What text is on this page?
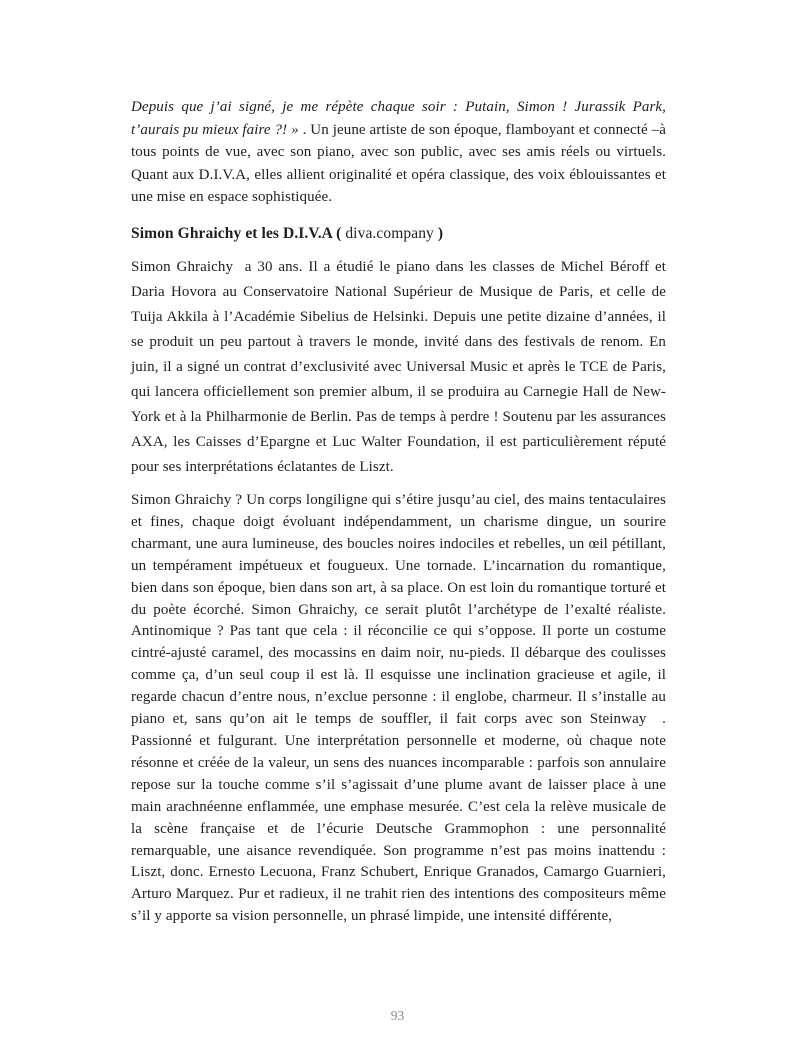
Depuis que j’ai signé, je me répète chaque soir : Putain, Simon ! Jurassik Park, t’aurais pu mieux faire ?! » . Un jeune artiste de son époque, flamboyant et connecté –à tous points de vue, avec son piano, avec son public, avec ses amis réels ou virtuels. Quant aux D.I.V.A, elles allient originalité et opéra classique, des voix éblouissantes et une mise en espace sophistiquée.

Simon Ghraichy et les D.I.V.A ( diva.company )

Simon Ghraichy  a 30 ans. Il a étudié le piano dans les classes de Michel Béroff et Daria Hovora au Conservatoire National Supérieur de Musique de Paris, et celle de Tuija Akkila à l’Académie Sibelius de Helsinki. Depuis une petite dizaine d’années, il se produit un peu partout à travers le monde, invité dans des festivals de renom. En juin, il a signé un contrat d’exclusivité avec Universal Music et après le TCE de Paris, qui lancera officiellement son premier album, il se produira au Carnegie Hall de New-York et à la Philharmonie de Berlin. Pas de temps à perdre ! Soutenu par les assurances AXA, les Caisses d’Epargne et Luc Walter Foundation, il est particulièrement réputé pour ses interprétations éclatantes de Liszt.

Simon Ghraichy ? Un corps longiligne qui s’étire jusqu’au ciel, des mains tentaculaires et fines, chaque doigt évoluant indépendamment, un charisme dingue, un sourire charmant, une aura lumineuse, des boucles noires indociles et rebelles, un œil pétillant, un tempérament impétueux et fougueux. Une tornade. L’incarnation du romantique, bien dans son époque, bien dans son art, à sa place. On est loin du romantique torturé et du poète écorché. Simon Ghraichy, ce serait plutôt l’archétype de l’exalté réaliste. Antinomique ? Pas tant que cela : il réconcilie ce qui s’oppose. Il porte un costume cintré-ajusté caramel, des mocassins en daim noir, nu-pieds. Il débarque des coulisses comme ça, d’un seul coup il est là. Il esquisse une inclination gracieuse et agile, il regarde chacun d’entre nous, n’exclue personne : il englobe, charmeur. Il s’installe au piano et, sans qu’on ait le temps de souffler, il fait corps avec son Steinway  . Passionné et fulgurant. Une interprétation personnelle et moderne, où chaque note résonne et créée de la valeur, un sens des nuances incomparable : parfois son annulaire repose sur la touche comme s’il s’agissait d’une plume avant de laisser place à une main arachnéenne enflammée, une emphase mesurée. C’est cela la relève musicale de la scène française et de l’écurie Deutsche Grammophon : une personnalité remarquable, une aisance revendiquée. Son programme n’est pas moins inattendu : Liszt, donc. Ernesto Lecuona, Franz Schubert, Enrique Granados, Camargo Guarnieri, Arturo Marquez. Pur et radieux, il ne trahit rien des intentions des compositeurs même s’il y apporte sa vision personnelle, un phrasé limpide, une intensité différente,

93
